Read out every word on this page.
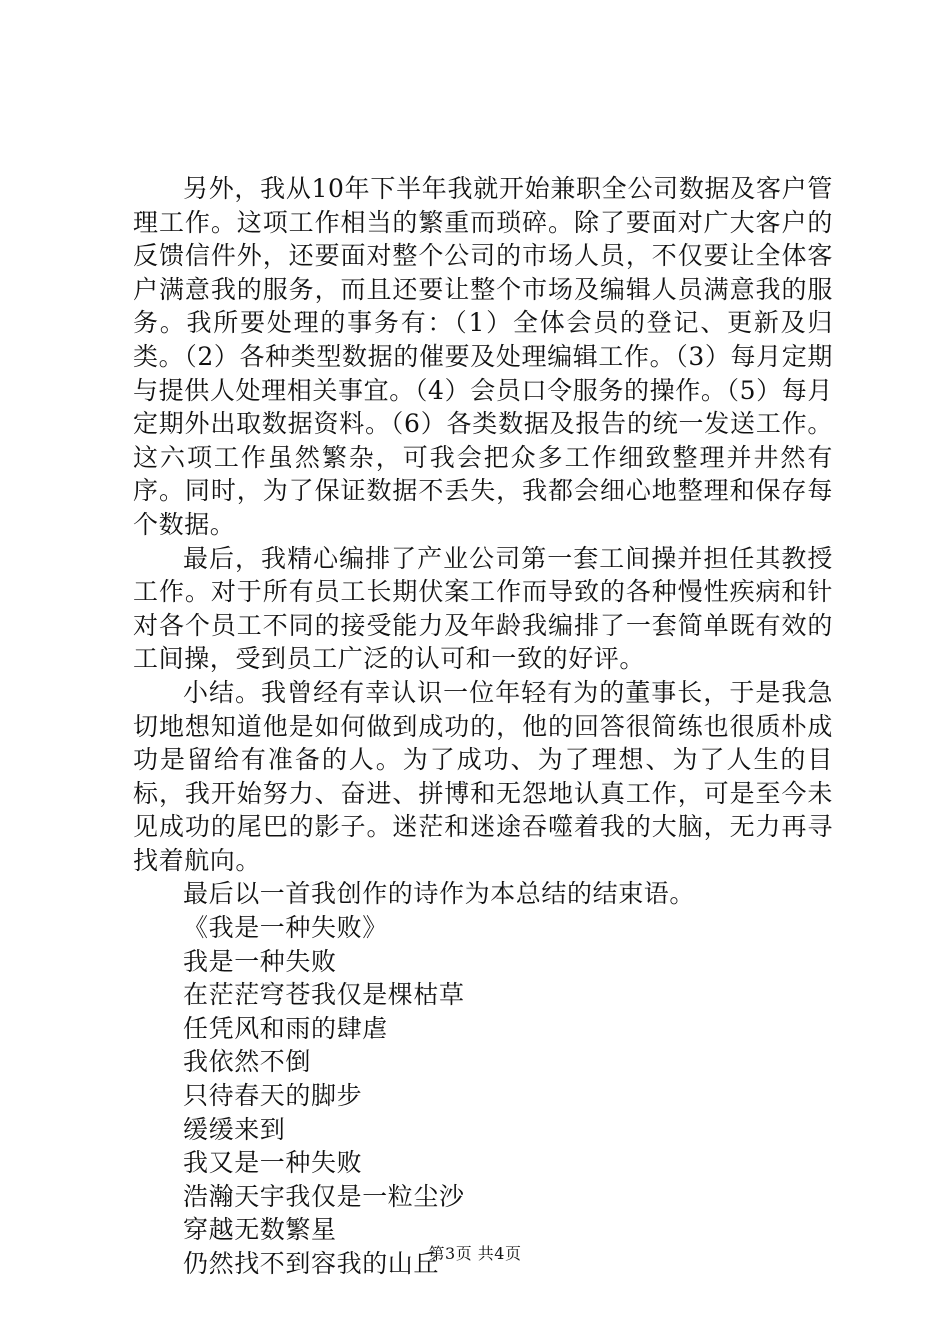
另外，我从10年下半年我就开始兼职全公司数据及客户管理工作。这项工作相当的繁重而琐碎。除了要面对广大客户的反馈信件外，还要面对整个公司的市场人员，不仅要让全体客户满意我的服务，而且还要让整个市场及编辑人员满意我的服务。我所要处理的事务有：（1）全体会员的登记、更新及归类。（2）各种类型数据的催要及处理编辑工作。（3）每月定期与提供人处理相关事宜。（4）会员口令服务的操作。（5）每月定期外出取数据资料。（6）各类数据及报告的统一发送工作。这六项工作虽然繁杂，可我会把众多工作细致整理并井然有序。同时，为了保证数据不丢失，我都会细心地整理和保存每个数据。

最后，我精心编排了产业公司第一套工间操并担任其教授工作。对于所有员工长期伏案工作而导致的各种慢性疾病和针对各个员工不同的接受能力及年龄我编排了一套简单既有效的工间操，受到员工广泛的认可和一致的好评。

小结。我曾经有幸认识一位年轻有为的董事长，于是我急切地想知道他是如何做到成功的，他的回答很简练也很质朴成功是留给有准备的人。为了成功、为了理想、为了人生的目标，我开始努力、奋进、拼博和无怨地认真工作，可是至今未见成功的尾巴的影子。迷茫和迷途吞噬着我的大脑，无力再寻找着航向。

最后以一首我创作的诗作为本总结的结束语。

《我是一种失败》

我是一种失败

在茫茫穹苍我仅是棵枯草

任凭风和雨的肆虐

我依然不倒

只待春天的脚步

缓缓来到

我又是一种失败

浩瀚天宇我仅是一粒尘沙

穿越无数繁星

仍然找不到容我的山丘

第3页 共4页
